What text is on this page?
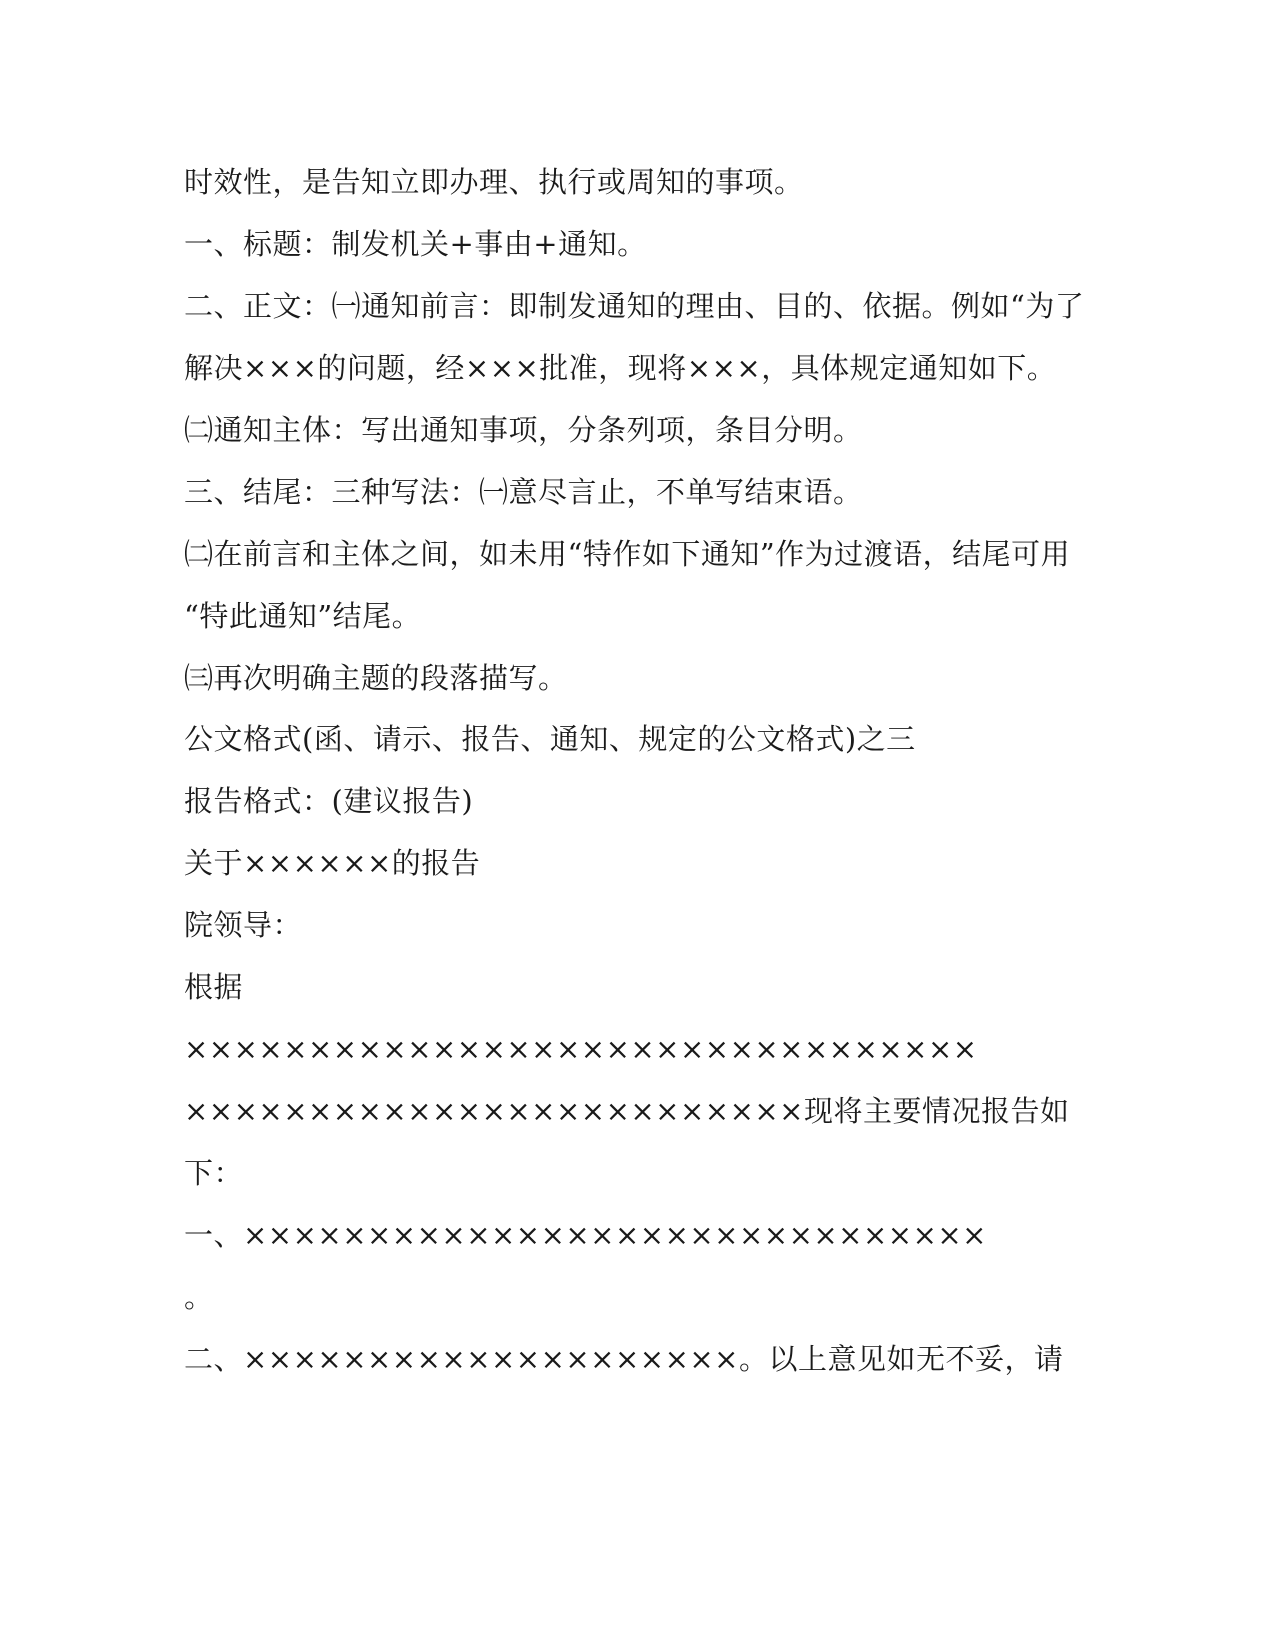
时效性，是告知立即办理、执行或周知的事项。
一、标题：制发机关+事由+通知。
二、正文：㈠通知前言：即制发通知的理由、目的、依据。例如“为了
解决×××的问题，经×××批准，现将×××，具体规定通知如下。
㈡通知主体：写出通知事项，分条列项，条目分明。
三、结尾：三种写法：㈠意尽言止，不单写结束语。
㈡在前言和主体之间，如未用“特作如下通知”作为过渡语，结尾可用
“特此通知”结尾。
㈢再次明确主题的段落描写。
公文格式(函、请示、报告、通知、规定的公文格式)之三
报告格式：(建议报告)
关于××××××的报告
院领导：
根据
××××××××××××××××××××××××××××××××
×××××××××××××××××××××××××现将主要情况报告如
下：
一、××××××××××××××××××××××××××××××
。
二、××××××××××××××××××××。以上意见如无不妥，请
